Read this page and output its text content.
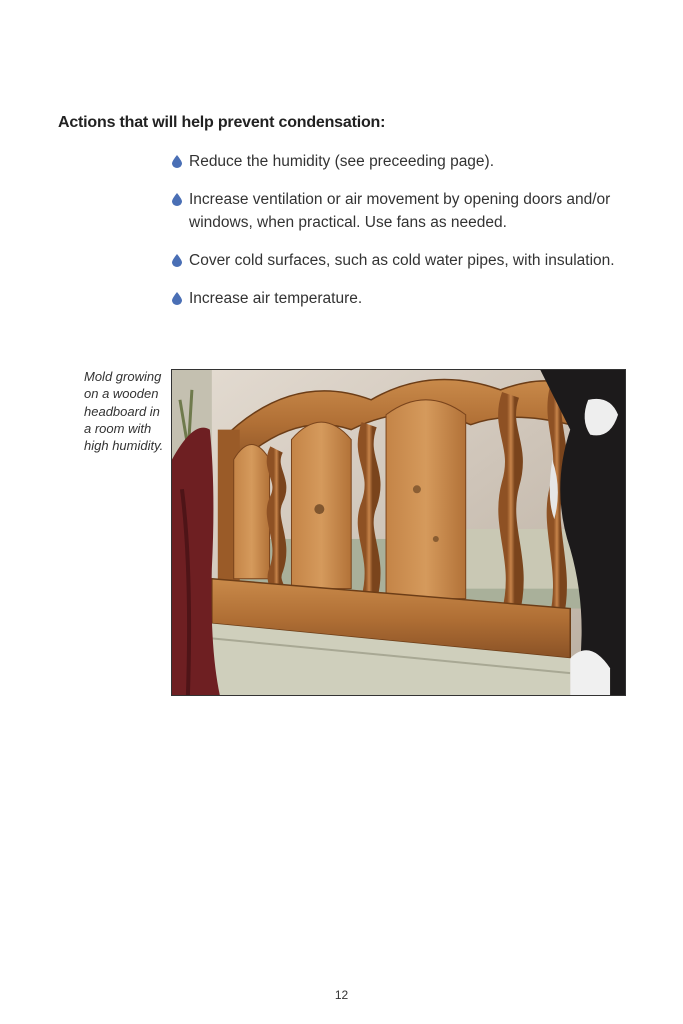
Actions that will help prevent condensation:
Reduce the humidity (see preceeding page).
Increase ventilation or air movement by opening doors and/or windows, when practical. Use fans as needed.
Cover cold surfaces, such as cold water pipes, with insulation.
Increase air temperature.
Mold growing on a wooden headboard in a room with high humidity.
12
